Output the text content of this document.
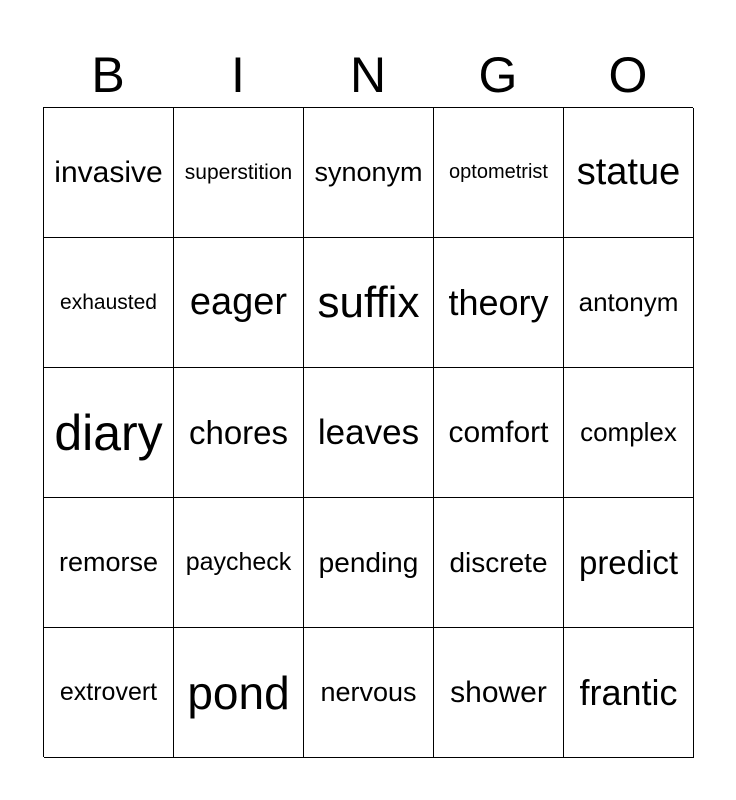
B	I	N	G	O
invasive superstition synonym optometrist statue
exhausted eager suffix theory antonym
diary chores leaves comfort complex
remorse paycheck pending discrete predict
extrovert pond nervous shower frantic
